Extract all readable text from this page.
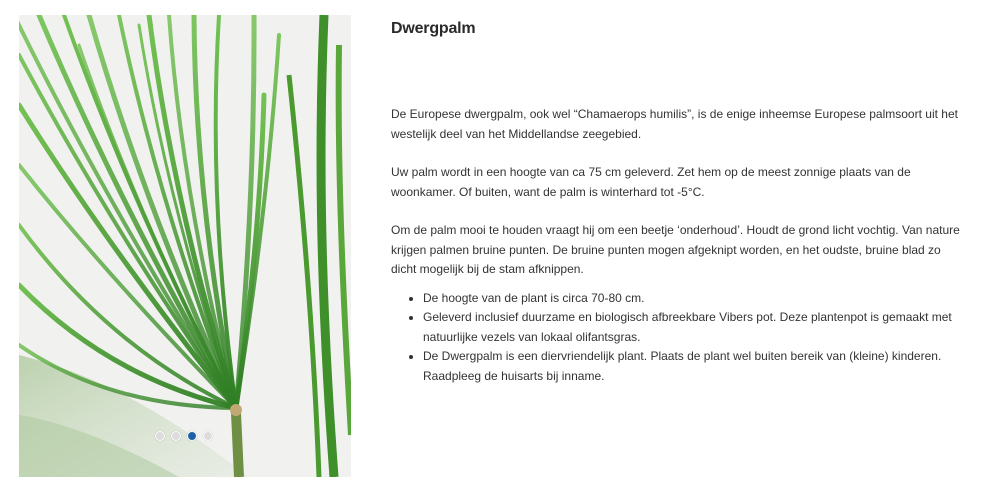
Dwergpalm

De Europese dwergpalm, ook wel “Chamaerops humilis”, is de enige inheemse Europese palmsoort uit het westelijk deel van het Middellandse zeegebied.

Uw palm wordt in een hoogte van ca 75 cm geleverd. Zet hem op de meest zonnige plaats van de woonkamer. Of buiten, want de palm is winterhard tot -5°C.

Om de palm mooi te houden vraagt hij om een beetje ‘onderhoud’. Houdt de grond licht vochtig. Van nature krijgen palmen bruine punten. De bruine punten mogen afgeknipt worden, en het oudste, bruine blad zo dicht mogelijk bij de stam afknippen.

• De hoogte van de plant is circa 70-80 cm.
• Geleverd inclusief duurzame en biologisch afbreekbare Vibers pot. Deze plantenpot is gemaakt met natuurlijke vezels van lokaal olifantsgras.
• De Dwergpalm is een diervriendelijk plant. Plaats de plant wel buiten bereik van (kleine) kinderen. Raadpleeg de huisarts bij inname.
